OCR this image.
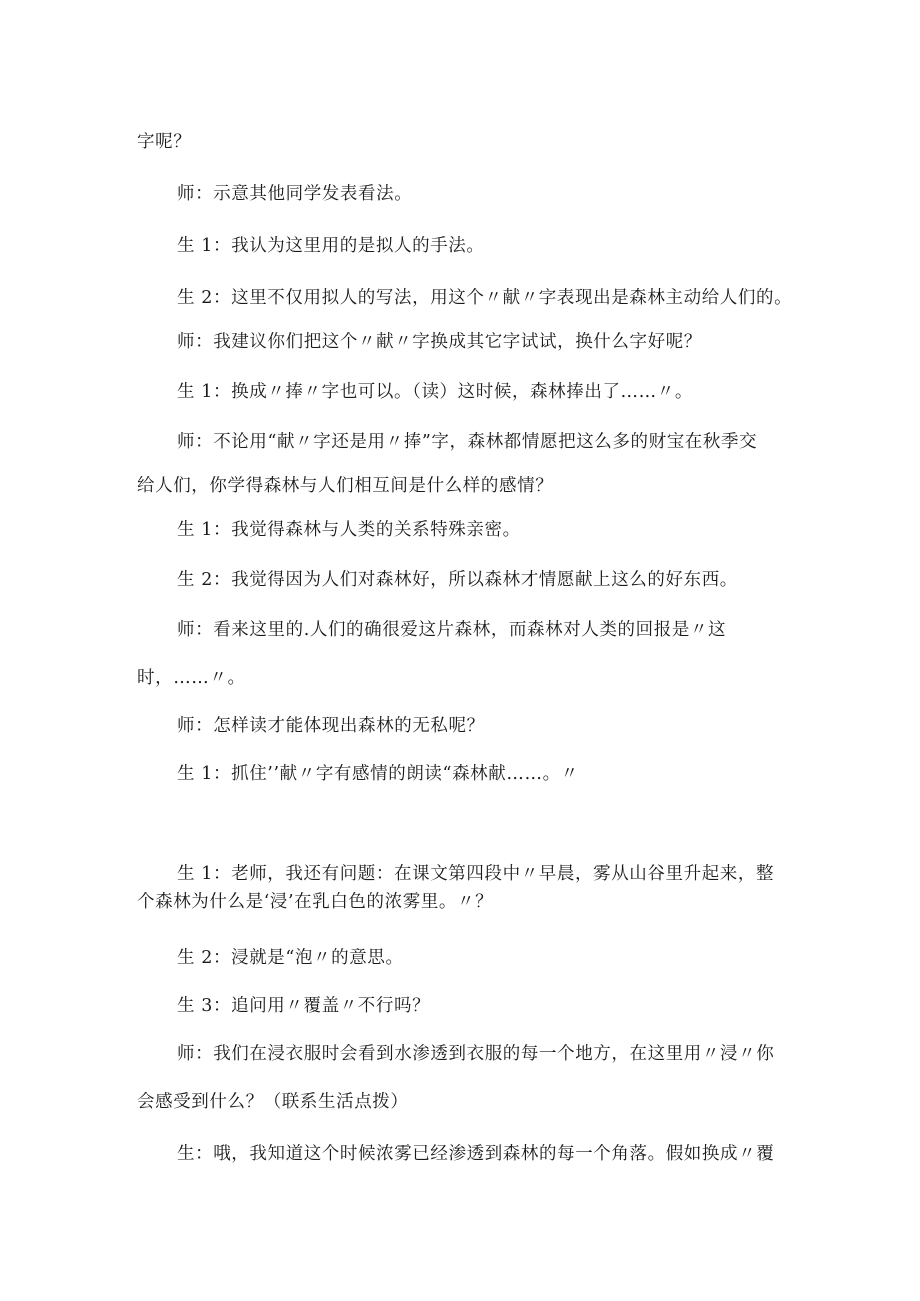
字呢？
师：示意其他同学发表看法。
生 1：我认为这里用的是拟人的手法。
生 2：这里不仅用拟人的写法，用这个〃献〃字表现出是森林主动给人们的。
师：我建议你们把这个〃献〃字换成其它字试试，换什么字好呢？
生 1：换成〃捧〃字也可以。（读）这时候，森林捧出了……〃。
师：不论用“献〃字还是用〃捧”字，森林都情愿把这么多的财宝在秋季交
给人们，你学得森林与人们相互间是什么样的感情？
生 1：我觉得森林与人类的关系特殊亲密。
生 2：我觉得因为人们对森林好，所以森林才情愿献上这么的好东西。
师：看来这里的.人们的确很爱这片森林，而森林对人类的回报是〃这
时，……〃。
师：怎样读才能体现出森林的无私呢？
生 1：抓住’’献〃字有感情的朗读“森林献……。〃
生 1：老师，我还有问题：在课文第四段中〃早晨，雾从山谷里升起来，整
个森林为什么是‘浸’在乳白色的浓雾里。〃？
生 2：浸就是“泡〃的意思。
生 3：追问用〃覆盖〃不行吗？
师：我们在浸衣服时会看到水渗透到衣服的每一个地方，在这里用〃浸〃你
会感受到什么？（联系生活点拨）
生：哦，我知道这个时候浓雾已经渗透到森林的每一个角落。假如换成〃覆
